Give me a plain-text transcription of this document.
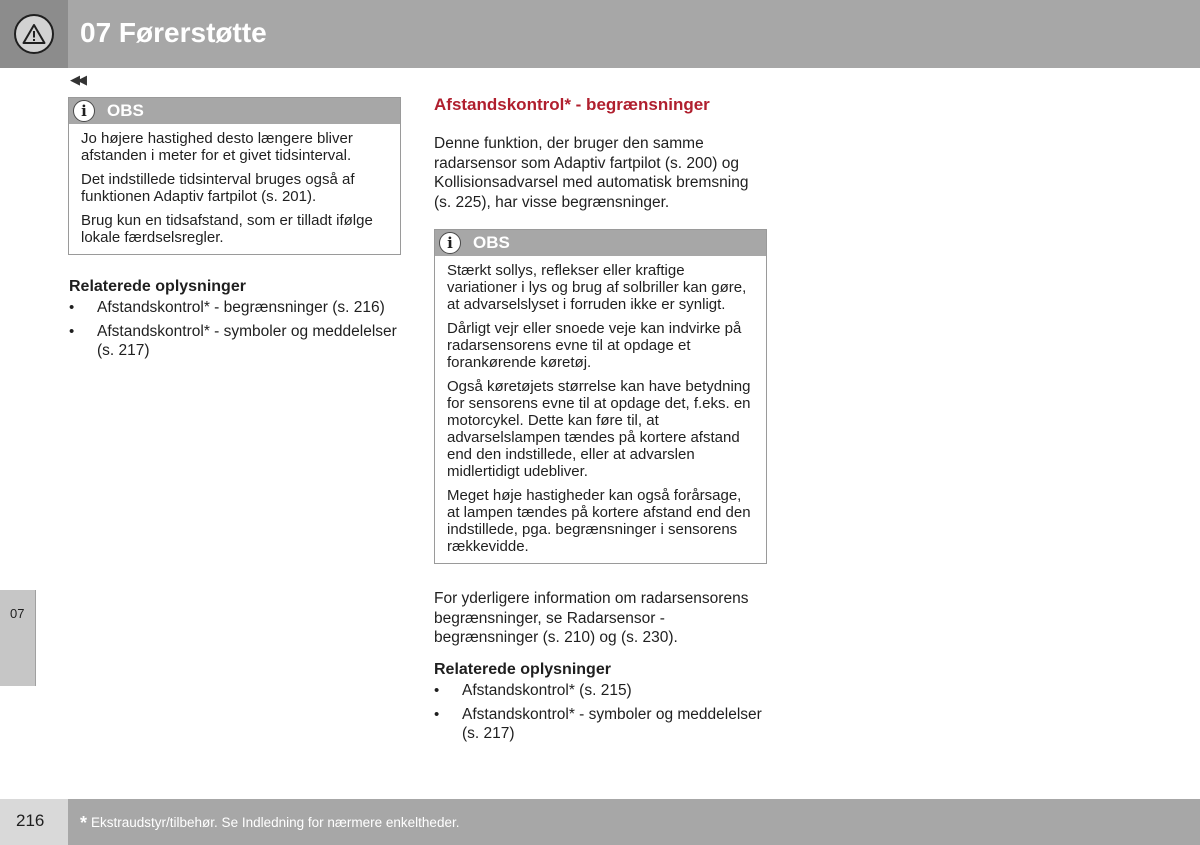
07 Førerstøtte
◀◀
i	OBS

Jo højere hastighed desto længere bliver afstanden i meter for et givet tidsinterval.

Det indstillede tidsinterval bruges også af funktionen Adaptiv fartpilot (s. 201).

Brug kun en tidsafstand, som er tilladt ifølge lokale færdselsregler.

Relaterede oplysninger
• Afstandskontrol* - begrænsninger (s. 216)
• Afstandskontrol* - symboler og meddelelser (s. 217)
Afstandskontrol* - begrænsninger

Denne funktion, der bruger den samme radarsensor som Adaptiv fartpilot (s. 200) og Kollisionsadvarsel med automatisk bremsning (s. 225), har visse begrænsninger.

i	OBS

Stærkt sollys, reflekser eller kraftige variationer i lys og brug af solbriller kan gøre, at advarselslyset i forruden ikke er synligt.

Dårligt vejr eller snoede veje kan indvirke på radarsensorens evne til at opdage et forankørende køretøj.

Også køretøjets størrelse kan have betydning for sensorens evne til at opdage det, f.eks. en motorcykel. Dette kan føre til, at advarselslampen tændes på kortere afstand end den indstillede, eller at advarslen midlertidigt udebliver.

Meget høje hastigheder kan også forårsage, at lampen tændes på kortere afstand end den indstillede, pga. begrænsninger i sensorens rækkevidde.

For yderligere information om radarsensorens begrænsninger, se Radarsensor - begrænsninger (s. 210) og (s. 230).

Relaterede oplysninger
• Afstandskontrol* (s. 215)
• Afstandskontrol* - symboler og meddelelser (s. 217)
07
216 * Ekstraudstyr/tilbehør. Se Indledning for nærmere enkeltheder.
